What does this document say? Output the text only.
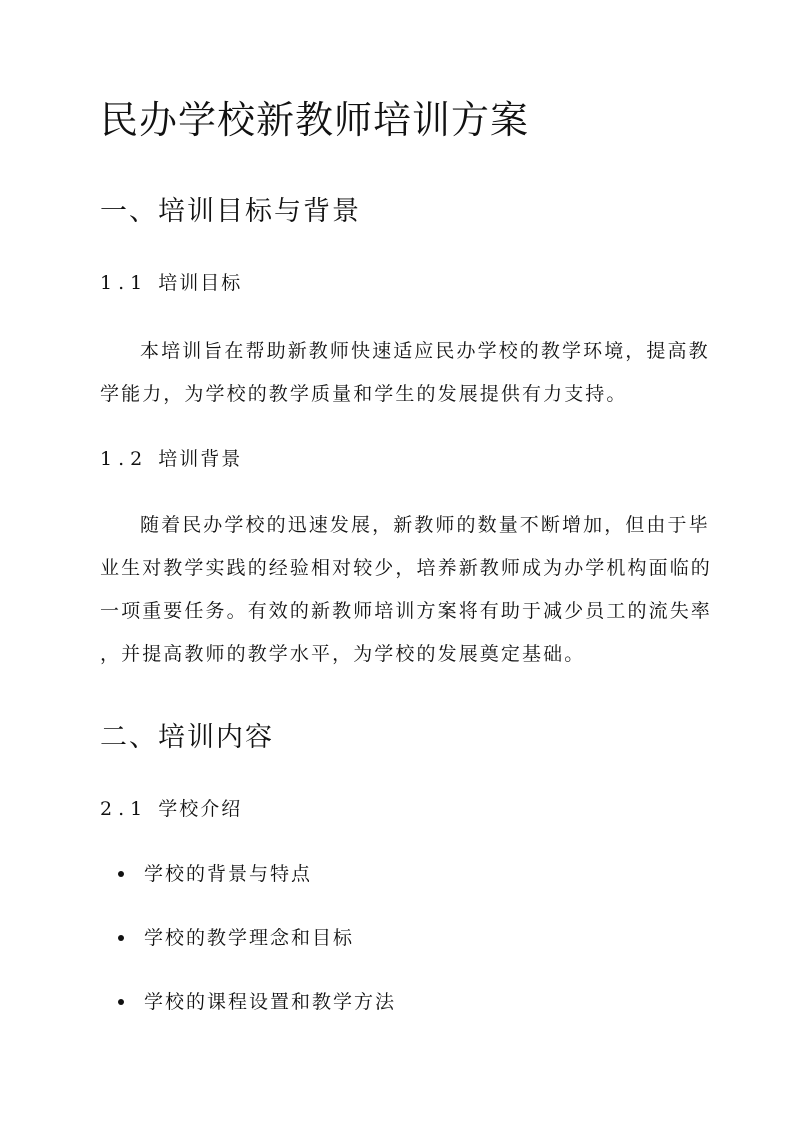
民办学校新教师培训方案
一、培训目标与背景
1.1 培训目标

本培训旨在帮助新教师快速适应民办学校的教学环境，提高教
学能力，为学校的教学质量和学生的发展提供有力支持。

1.2 培训背景

随着民办学校的迅速发展，新教师的数量不断增加，但由于毕
业生对教学实践的经验相对较少，培养新教师成为办学机构面临的
一项重要任务。有效的新教师培训方案将有助于减少员工的流失率
，并提高教师的教学水平，为学校的发展奠定基础。

二、培训内容
2.1 学校介绍
学校的背景与特点
学校的教学理念和目标
学校的课程设置和教学方法
